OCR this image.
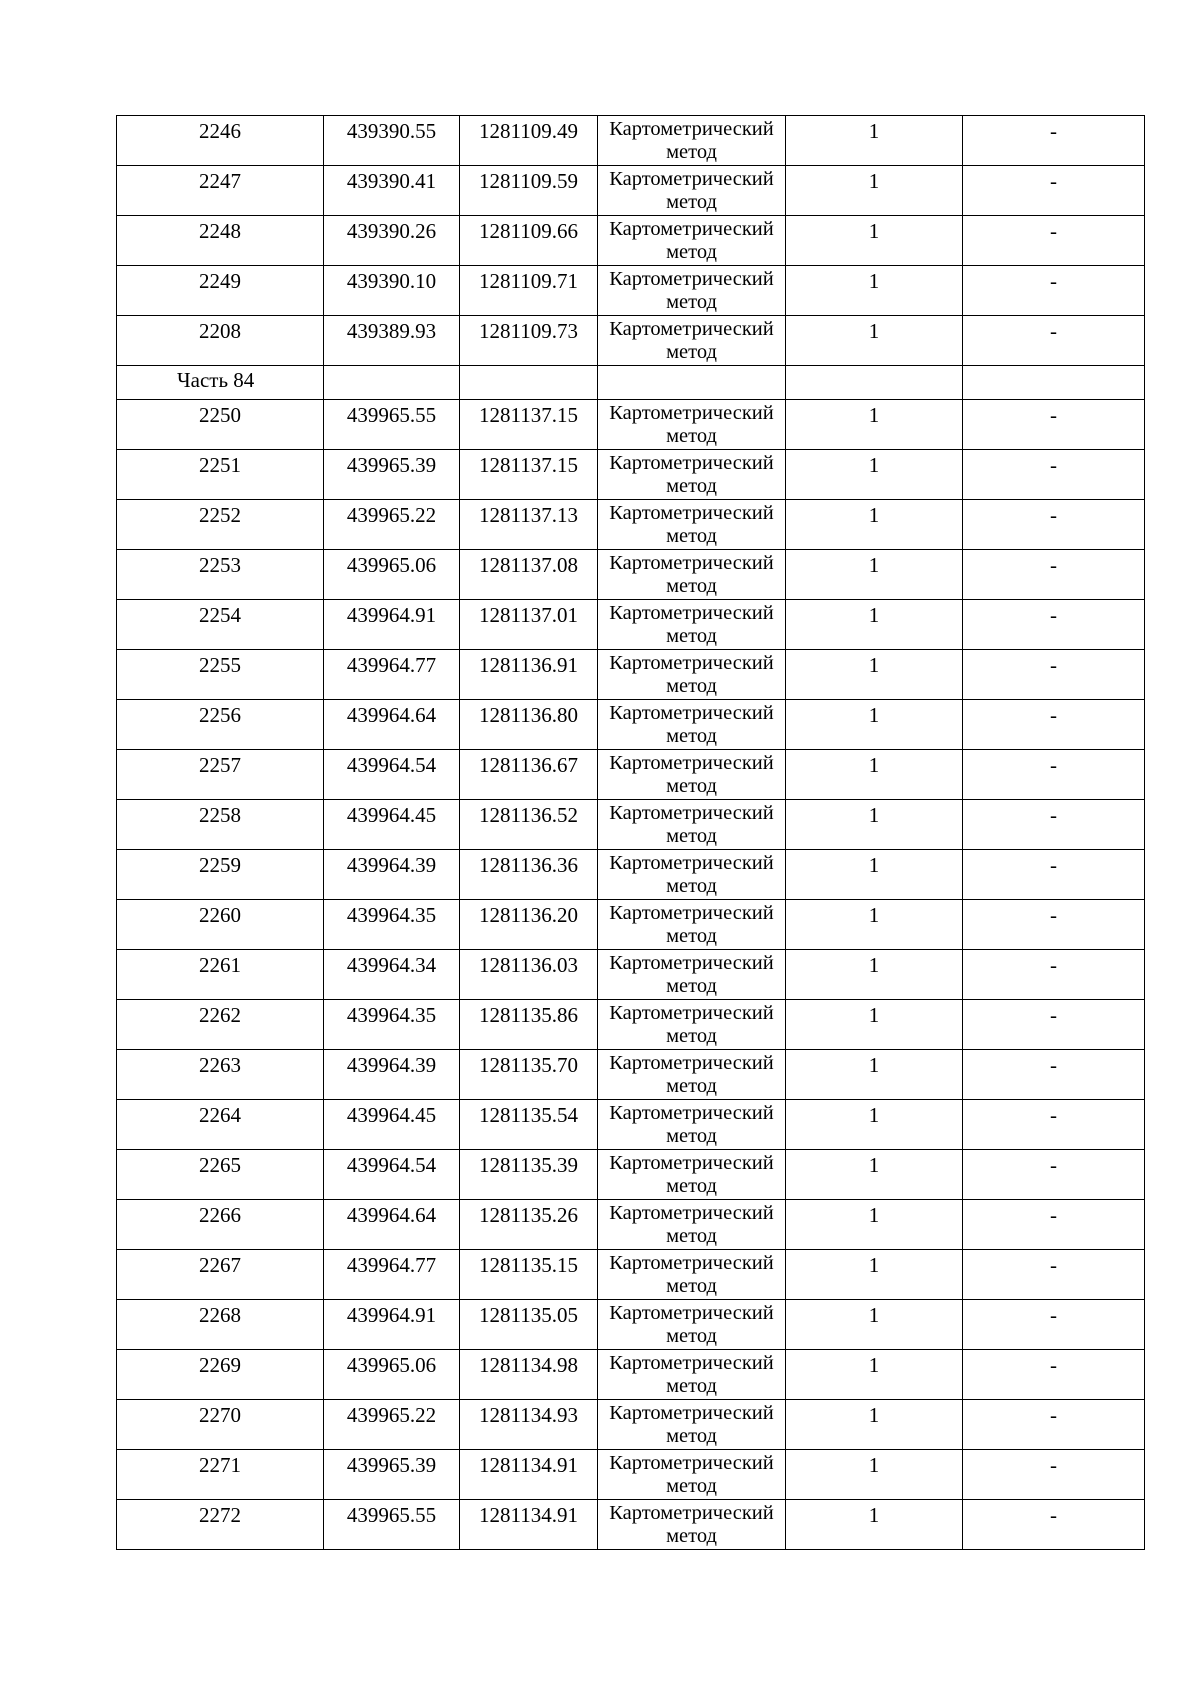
2246	439390.55	1281109.49	Картометрический
метод	1	-
2247	439390.41	1281109.59	Картометрический
метод	1	-
2248	439390.26	1281109.66	Картометрический
метод	1	-
2249	439390.10	1281109.71	Картометрический
метод	1	-
2208	439389.93	1281109.73	Картометрический
метод	1	-
Часть 84					
2250	439965.55	1281137.15	Картометрический
метод	1	-
2251	439965.39	1281137.15	Картометрический
метод	1	-
2252	439965.22	1281137.13	Картометрический
метод	1	-
2253	439965.06	1281137.08	Картометрический
метод	1	-
2254	439964.91	1281137.01	Картометрический
метод	1	-
2255	439964.77	1281136.91	Картометрический
метод	1	-
2256	439964.64	1281136.80	Картометрический
метод	1	-
2257	439964.54	1281136.67	Картометрический
метод	1	-
2258	439964.45	1281136.52	Картометрический
метод	1	-
2259	439964.39	1281136.36	Картометрический
метод	1	-
2260	439964.35	1281136.20	Картометрический
метод	1	-
2261	439964.34	1281136.03	Картометрический
метод	1	-
2262	439964.35	1281135.86	Картометрический
метод	1	-
2263	439964.39	1281135.70	Картометрический
метод	1	-
2264	439964.45	1281135.54	Картометрический
метод	1	-
2265	439964.54	1281135.39	Картометрический
метод	1	-
2266	439964.64	1281135.26	Картометрический
метод	1	-
2267	439964.77	1281135.15	Картометрический
метод	1	-
2268	439964.91	1281135.05	Картометрический
метод	1	-
2269	439965.06	1281134.98	Картометрический
метод	1	-
2270	439965.22	1281134.93	Картометрический
метод	1	-
2271	439965.39	1281134.91	Картометрический
метод	1	-
2272	439965.55	1281134.91	Картометрический
метод	1	-
